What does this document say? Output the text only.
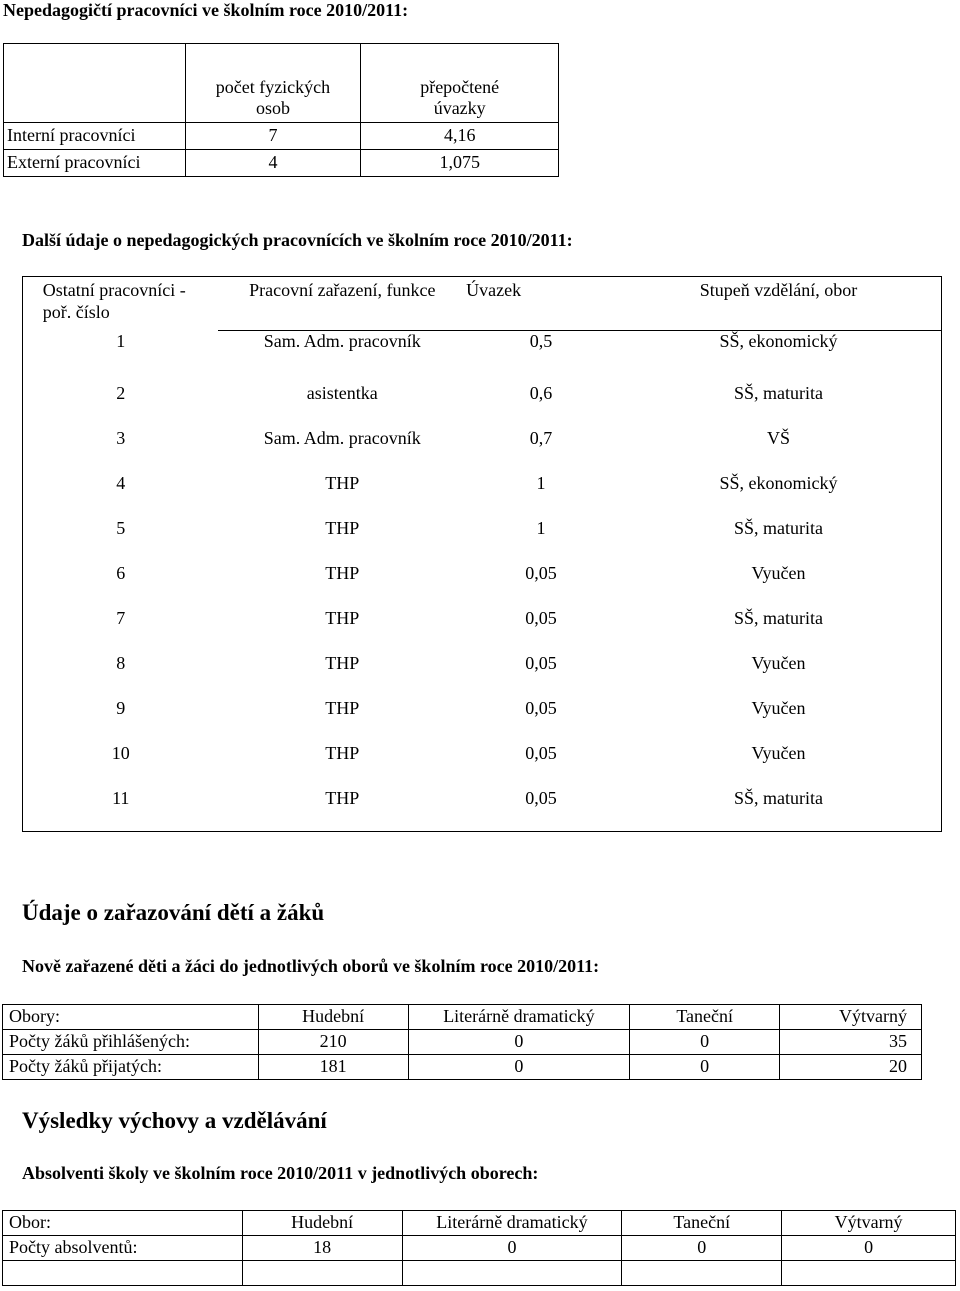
Nepedagogičtí pracovníci ve školním roce 2010/2011:
	počet fyzických osob	přepočtené úvazky
Interní pracovníci	7	4,16
Externí pracovníci	4	1,075
Další údaje o nepedagogických pracovnících ve školním roce 2010/2011:
Ostatní pracovníci - poř. číslo	Pracovní zařazení, funkce	Úvazek	Stupeň vzdělání, obor
1	Sam. Adm. pracovník	0,5	SŠ, ekonomický
2	asistentka	0,6	SŠ, maturita
3	Sam. Adm. pracovník	0,7	VŠ
4	THP	1	SŠ, ekonomický
5	THP	1	SŠ, maturita
6	THP	0,05	Vyučen
7	THP	0,05	SŠ, maturita
8	THP	0,05	Vyučen
9	THP	0,05	Vyučen
10	THP	0,05	Vyučen
11	THP	0,05	SŠ, maturita
Údaje o zařazování dětí a žáků
Nově zařazené děti a žáci do jednotlivých oborů ve školním roce 2010/2011:
Obory:	Hudební	Literárně dramatický	Taneční	Výtvarný
Počty žáků přihlášených:	210	0	0	35
Počty žáků přijatých:	181	0	0	20
Výsledky výchovy a vzdělávání
Absolventi školy ve školním roce 2010/2011 v jednotlivých oborech:
Obor:	Hudební	Literárně dramatický	Taneční	Výtvarný
Počty absolventů:	18	0	0	0
